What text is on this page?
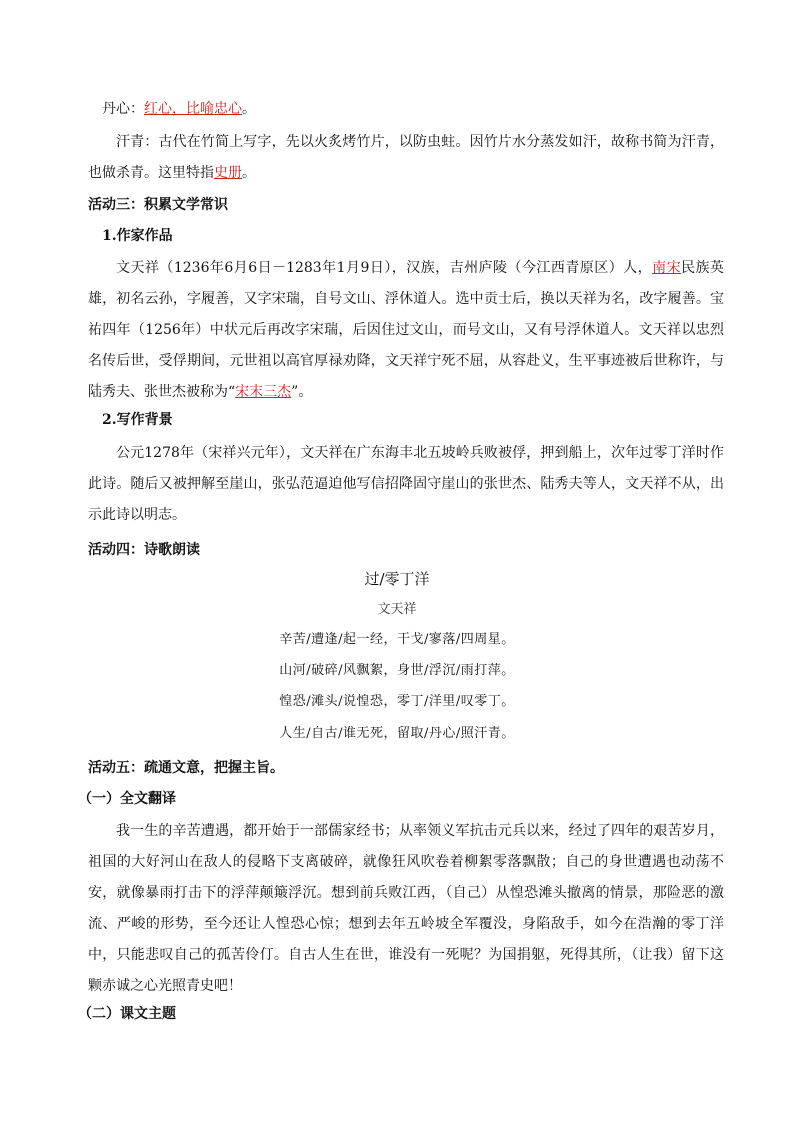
丹心：红心，比喻忠心。
汗青：古代在竹简上写字，先以火炙烤竹片，以防虫蛀。因竹片水分蒸发如汗，故称书简为汗青，也做杀青。这里特指史册。
活动三：积累文学常识
1.作家作品
文天祥（1236年6月6日－1283年1月9日），汉族，吉州庐陵（今江西青原区）人，南宋民族英雄，初名云孙，字履善，又字宋瑞，自号文山、浮休道人。选中贡士后，换以天祥为名，改字履善。宝祐四年（1256年）中状元后再改字宋瑞，后因住过文山，而号文山，又有号浮休道人。文天祥以忠烈名传后世，受俘期间，元世祖以高官厚禄劝降，文天祥宁死不屈，从容赴义，生平事迹被后世称许，与陆秀夫、张世杰被称为“宋末三杰”。
2.写作背景
公元1278年（宋祥兴元年），文天祥在广东海丰北五坡岭兵败被俘，押到船上，次年过零丁洋时作此诗。随后又被押解至崖山，张弘范逼迫他写信招降固守崖山的张世杰、陆秀夫等人，文天祥不从，出示此诗以明志。
活动四：诗歌朗读
过/零丁洋
文天祥
辛苦/遭逢/起一经，干戈/寥落/四周星。
山河/破碎/风飘絮，身世/浮沉/雨打萍。
惶恐/滩头/说惶恐，零丁/洋里/叹零丁。
人生/自古/谁无死，留取/丹心/照汗青。
活动五：疏通文意，把握主旨。
（一）全文翻译
我一生的辛苦遭遇，都开始于一部儒家经书；从率领义军抗击元兵以来，经过了四年的艰苦岁月，祖国的大好河山在敌人的侵略下支离破碎，就像狂风吹卷着柳絮零落飘散；自己的身世遭遇也动荡不安，就像暴雨打击下的浮萍颠簸浮沉。想到前兵败江西，（自己）从惶恐滩头撤离的情景，那险恶的激流、严峻的形势，至今还让人惶恐心惊；想到去年五岭坡全军覆没，身陷敌手，如今在浩瀚的零丁洋中，只能悲叹自己的孤苦伶仃。自古人生在世，谁没有一死呢？为国捐躯，死得其所，（让我）留下这颗赤诚之心光照青史吧！
（二）课文主题
